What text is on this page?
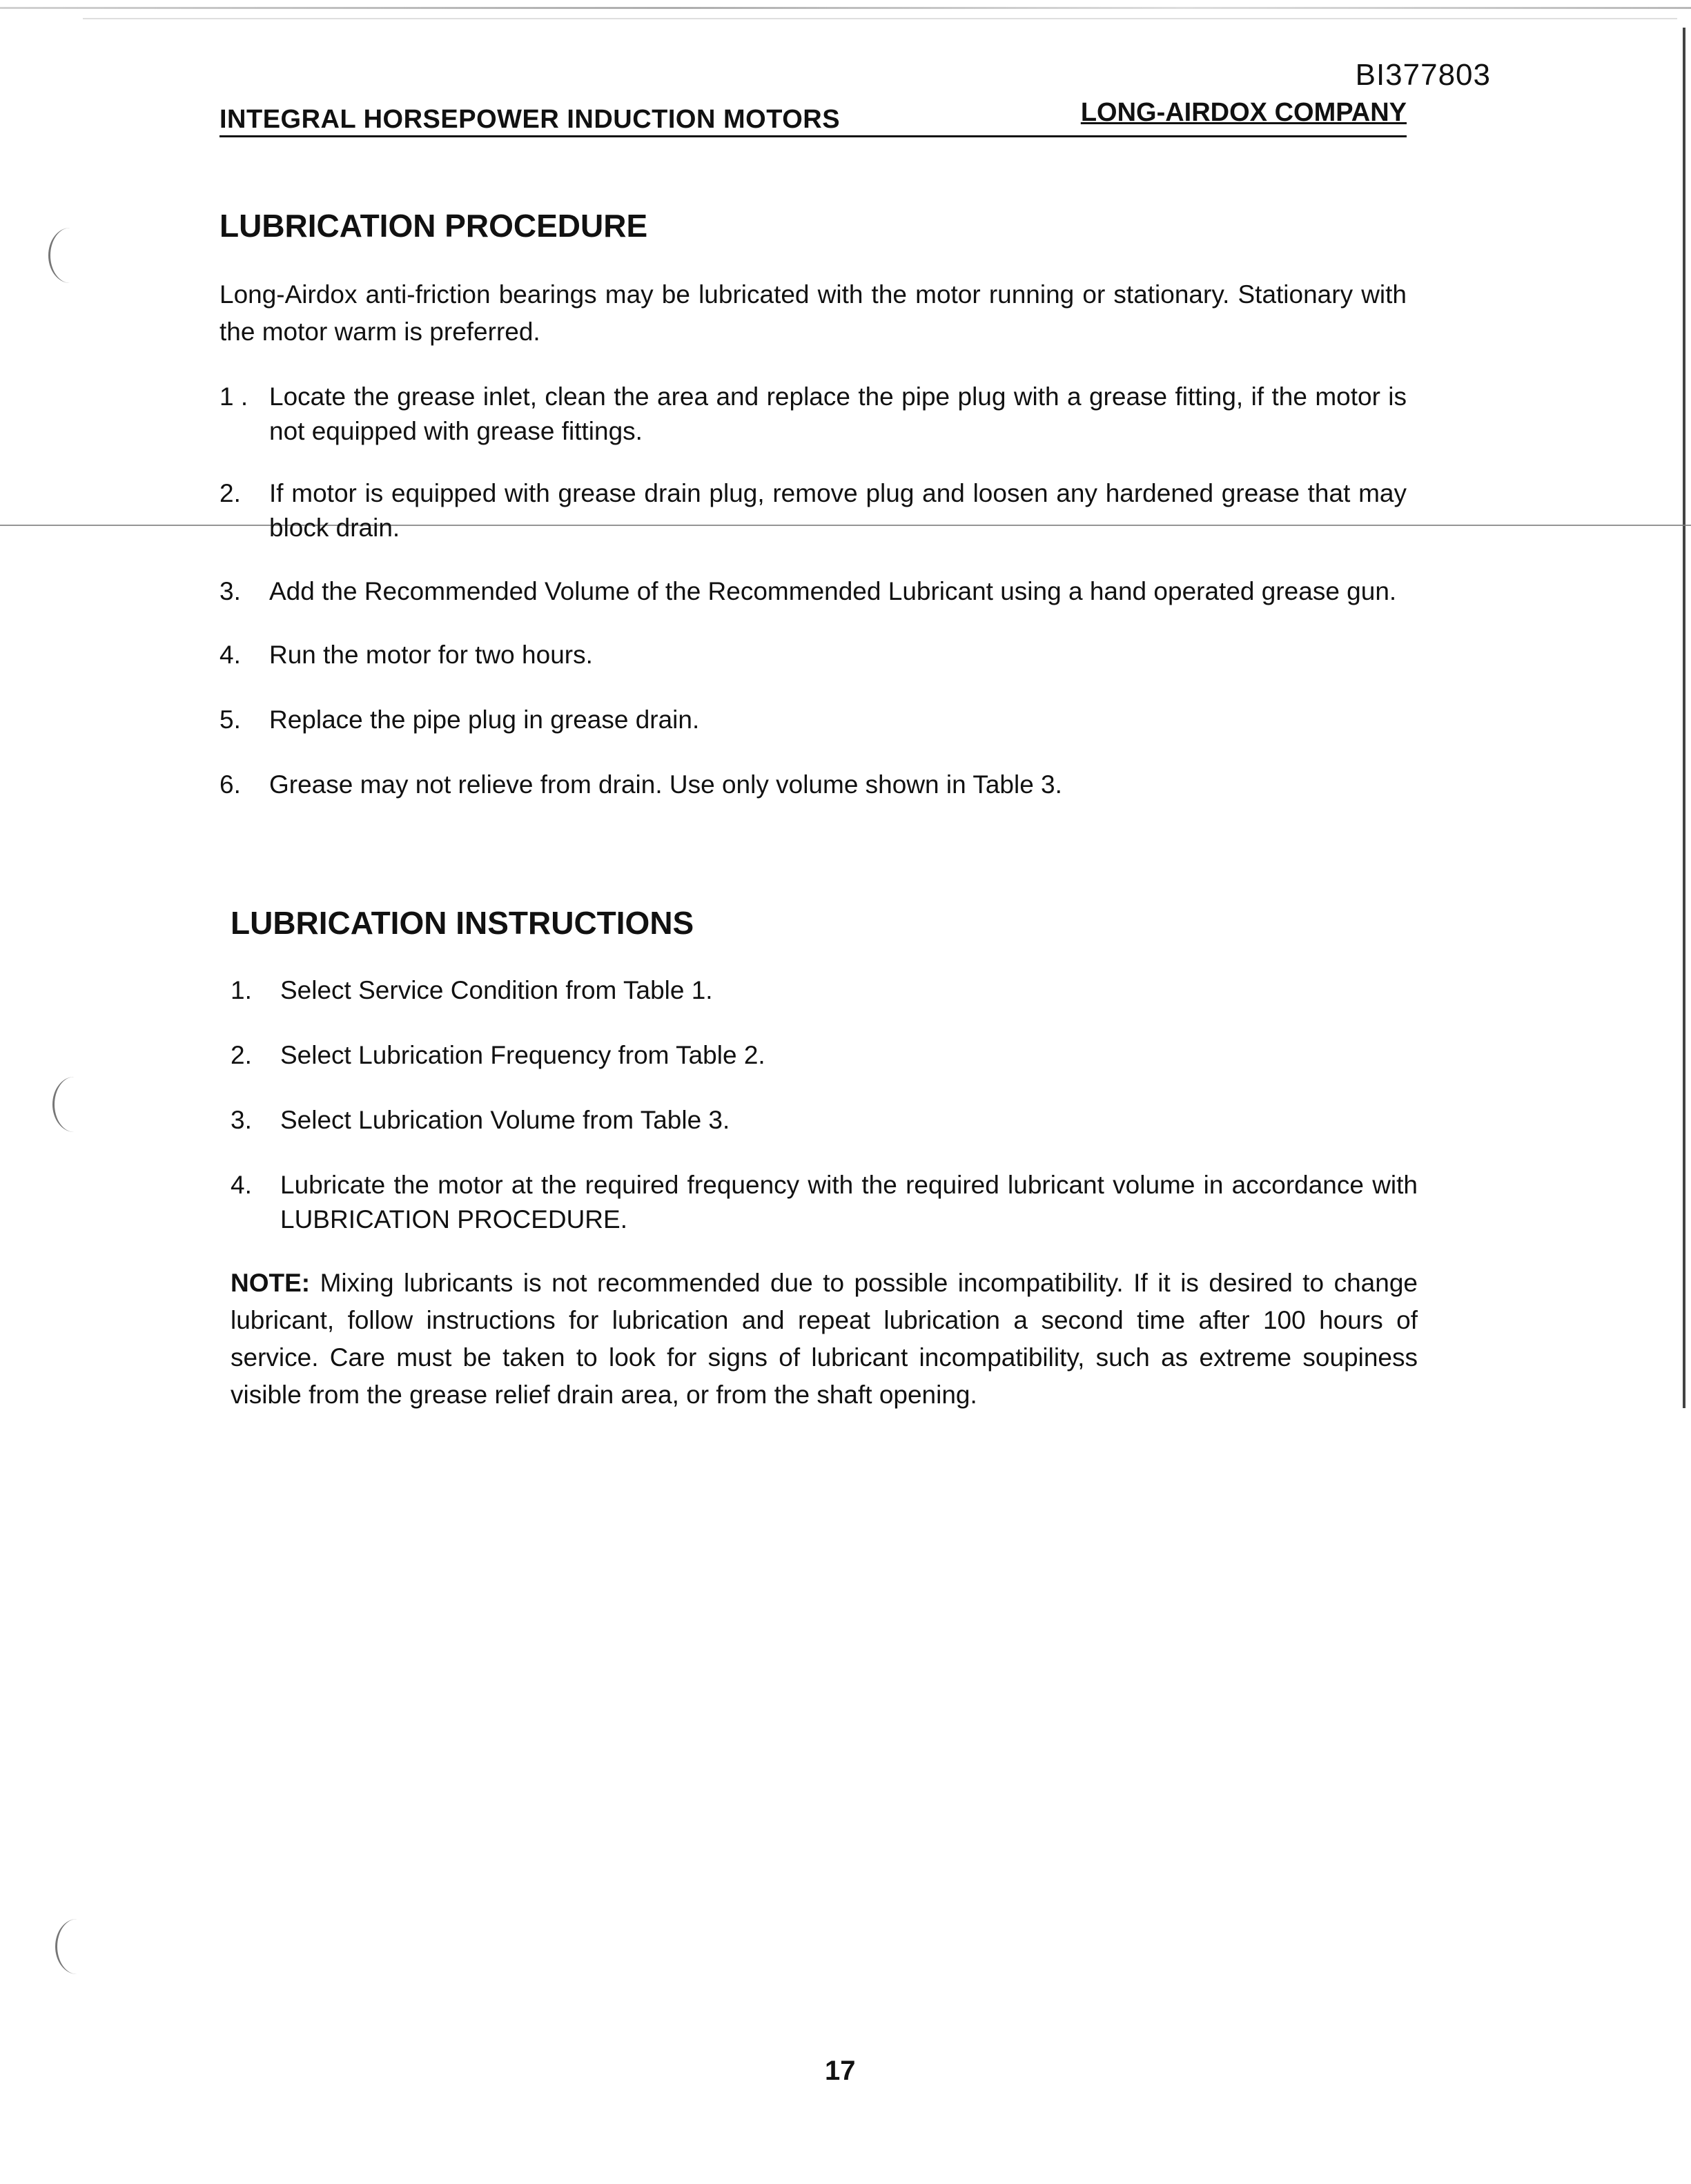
BI377803
INTEGRAL HORSEPOWER INDUCTION MOTORS	LONG-AIRDOX COMPANY
LUBRICATION PROCEDURE

Long-Airdox anti-friction bearings may be lubricated with the motor running or stationary. Stationary with the motor warm is preferred.

1 . Locate the grease inlet, clean the area and replace the pipe plug with a grease fitting, if the motor is not equipped with grease fittings.
2.	If motor is equipped with grease drain plug, remove plug and loosen any hardened grease that may block drain.
3.	Add the Recommended Volume of the Recommended Lubricant using a hand operated grease gun.
4.	Run the motor for two hours.
5.	Replace the pipe plug in grease drain.
6.	Grease may not relieve from drain. Use only volume shown in Table 3.
LUBRICATION INSTRUCTIONS
1.	Select Service Condition from Table 1.
2.	Select Lubrication Frequency from Table 2.
3.	Select Lubrication Volume from Table 3.
4.	Lubricate the motor at the required frequency with the required lubricant volume in accordance with LUBRICATION PROCEDURE.

NOTE: Mixing lubricants is not recommended due to possible incompatibility. If it is desired to change lubricant, follow instructions for lubrication and repeat lubrication a second time after 100 hours of service. Care must be taken to look for signs of lubricant incompatibility, such as extreme soupiness visible from the grease relief drain area, or from the shaft opening.

17
